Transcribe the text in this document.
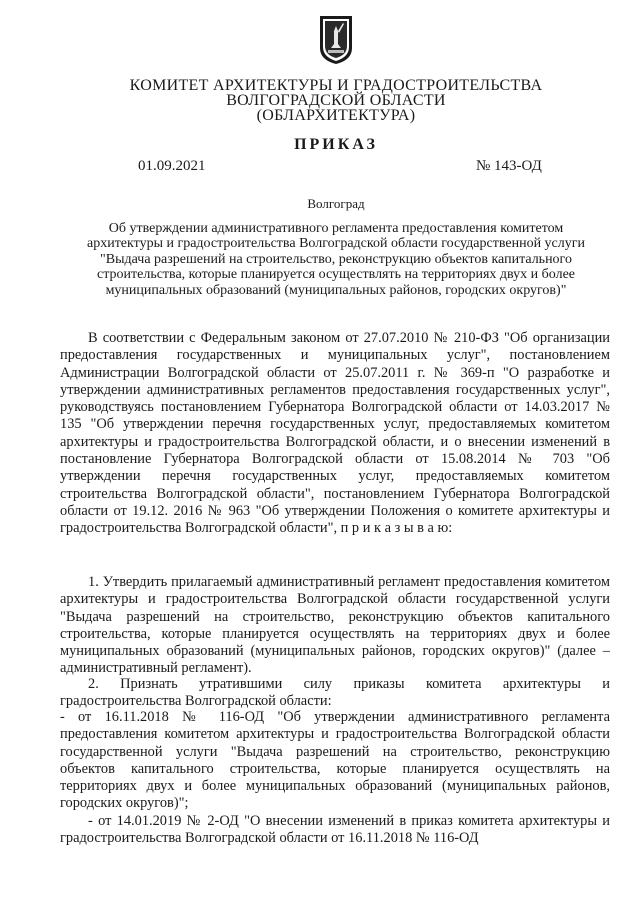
КОМИТЕТ АРХИТЕКТУРЫ И ГРАДОСТРОИТЕЛЬСТВА
ВОЛГОГРАДСКОЙ ОБЛАСТИ
(ОБЛАРХИТЕКТУРА)
ПРИКАЗ
01.09.2021	№ 143-ОД
Волгоград
Об утверждении административного регламента предоставления комитетом архитектуры и градостроительства Волгоградской области государственной услуги "Выдача разрешений на строительство, реконструкцию объектов капитального строительства, которые планируется осуществлять на территориях двух и более муниципальных образований (муниципальных районов, городских округов)"
В соответствии с Федеральным законом от 27.07.2010 № 210-ФЗ "Об организации предоставления государственных и муниципальных услуг", постановлением Администрации Волгоградской области от 25.07.2011 г. № 369-п "О разработке и утверждении административных регламентов предоставления государственных услуг", руководствуясь постановлением Губернатора Волгоградской области от 14.03.2017 № 135 "Об утверждении перечня государственных услуг, предоставляемых комитетом архитектуры и градостроительства Волгоградской области, и о внесении изменений в постановление Губернатора Волгоградской области от 15.08.2014 № 703 "Об утверждении перечня государственных услуг, предоставляемых комитетом строительства Волгоградской области", постановлением Губернатора Волгоградской области от 19.12. 2016 № 963 "Об утверждении Положения о комитете архитектуры и градостроительства Волгоградской области", п р и к а з ы в а ю:
1. Утвердить прилагаемый административный регламент предоставления комитетом архитектуры и градостроительства Волгоградской области государственной услуги "Выдача разрешений на строительство, реконструкцию объектов капитального строительства, которые планируется осуществлять на территориях двух и более муниципальных образований (муниципальных районов, городских округов)" (далее – административный регламент).
2. Признать утратившими силу приказы комитета архитектуры и градостроительства Волгоградской области:
- от 16.11.2018 № 116-ОД "Об утверждении административного регламента предоставления комитетом архитектуры и градостроительства Волгоградской области государственной услуги "Выдача разрешений на строительство, реконструкцию объектов капитального строительства, которые планируется осуществлять на территориях двух и более муниципальных образований (муниципальных районов, городских округов)";
- от 14.01.2019 № 2-ОД "О внесении изменений в приказ комитета архитектуры и градостроительства Волгоградской области от 16.11.2018 № 116-ОД
